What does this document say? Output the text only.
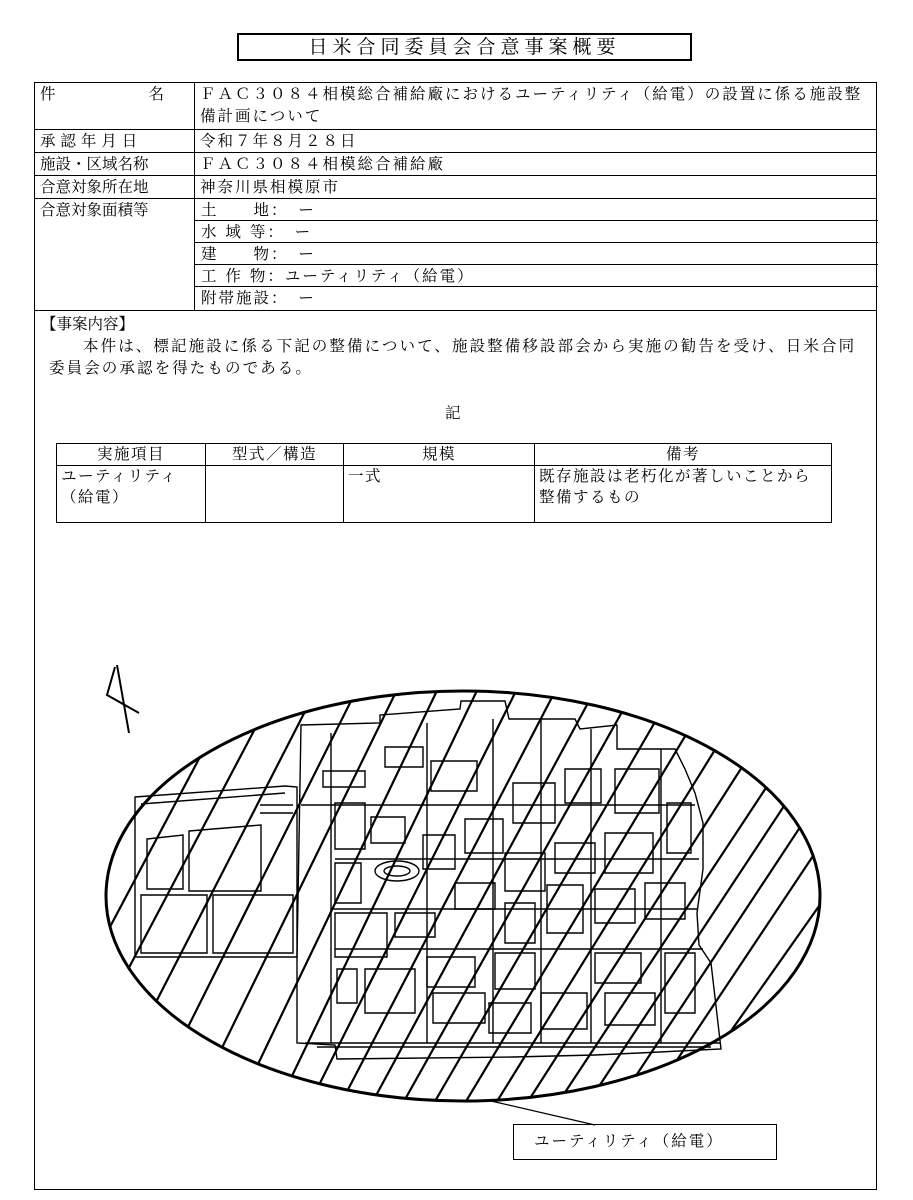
日米合同委員会合意事案概要
件　　　　　　名	ＦＡＣ３０８４相模総合補給廠におけるユーティリティ（給電）の設置に係る施設整備計画について
承 認 年 月 日	令和７年８月２８日
施設・区域名称	ＦＡＣ３０８４相模総合補給廠
合意対象所在地	神奈川県相模原市
合意対象面積等	土　　地：　ー
水 域 等：　ー
建　　物：　ー
工 作 物：ユーティリティ（給電）
附帯施設：　ー
【事案内容】
本件は、標記施設に係る下記の整備について、施設整備移設部会から実施の勧告を受け、日米合同委員会の承認を得たものである。
記
実施項目	型式／構造	規模	備考
ユーティリティ（給電）		一式	既存施設は老朽化が著しいことから整備するもの
ユーティリティ（給電）
